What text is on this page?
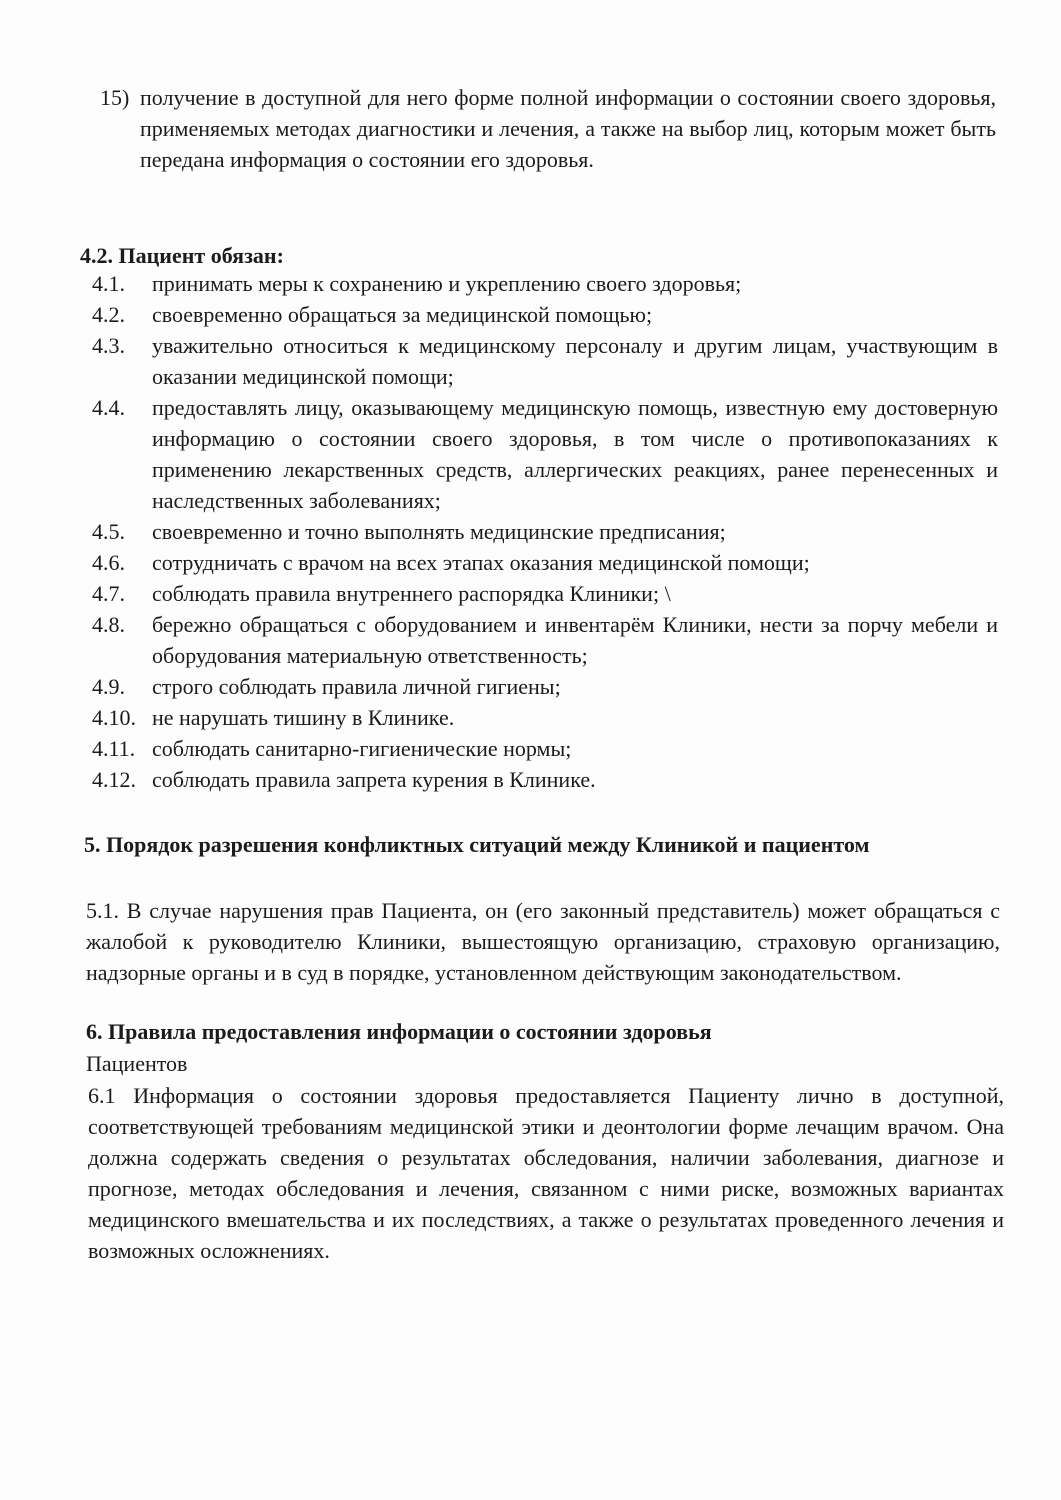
15) получение в доступной для него форме полной информации о состоянии своего здоровья, применяемых методах диагностики и лечения, а также на выбор лиц, которым может быть передана информация о состоянии его здоровья.
4.2. Пациент обязан:
4.1.	принимать меры к сохранению и укреплению своего здоровья;
4.2.	своевременно обращаться за медицинской помощью;
4.3.	уважительно относиться к медицинскому персоналу и другим лицам, участвующим в оказании медицинской помощи;
4.4.	предоставлять лицу, оказывающему медицинскую помощь, известную ему достоверную информацию о состоянии своего здоровья, в том числе о противопоказаниях к применению лекарственных средств, аллергических реакциях, ранее перенесенных и наследственных заболеваниях;
4.5.	своевременно и точно выполнять медицинские предписания;
4.6.	сотрудничать с врачом на всех этапах оказания медицинской помощи;
4.7.	соблюдать правила внутреннего распорядка Клиники; \
4.8.	бережно обращаться с оборудованием и инвентарём Клиники, нести за порчу мебели и оборудования материальную ответственность;
4.9.	строго соблюдать правила личной гигиены;
4.10. не нарушать тишину в Клинике.
4.11. соблюдать санитарно-гигиенические нормы;
4.12. соблюдать правила запрета курения в Клинике.
5. Порядок разрешения конфликтных ситуаций между Клиникой и пациентом
5.1. В случае нарушения прав Пациента, он (его законный представитель) может обращаться с жалобой к руководителю Клиники, вышестоящую организацию, страховую организацию, надзорные органы и в суд в порядке, установленном действующим законодательством.
6. Правила предоставления информации о состоянии здоровья
Пациентов
6.1 Информация о состоянии здоровья предоставляется Пациенту лично в доступной, соответствующей требованиям медицинской этики и деонтологии форме лечащим врачом. Она должна содержать сведения о результатах обследования, наличии заболевания, диагнозе и прогнозе, методах обследования и лечения, связанном с ними риске, возможных вариантах медицинского вмешательства и их последствиях, а также о результатах проведенного лечения и возможных осложнениях.
